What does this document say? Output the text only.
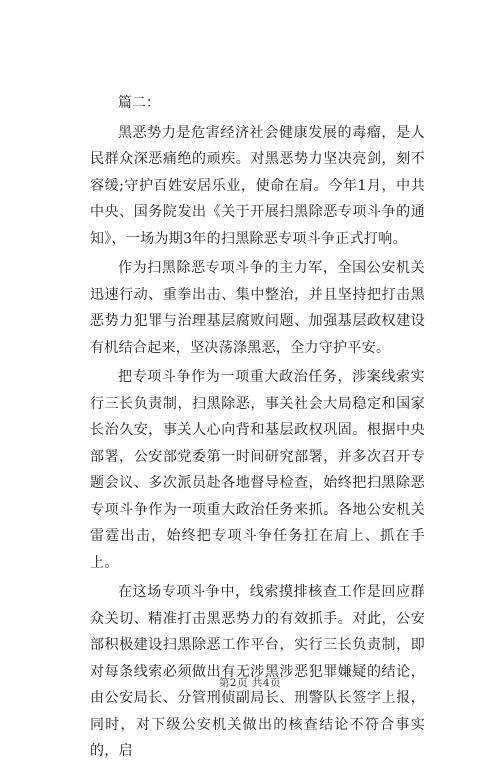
篇二：

黑恶势力是危害经济社会健康发展的毒瘤，是人民群众深恶痛绝的顽疾。对黑恶势力坚决亮剑，刻不容缓;守护百姓安居乐业，使命在肩。今年1月，中共中央、国务院发出《关于开展扫黑除恶专项斗争的通知》，一场为期3年的扫黑除恶专项斗争正式打响。

作为扫黑除恶专项斗争的主力军，全国公安机关迅速行动、重拳出击、集中整治，并且坚持把打击黑恶势力犯罪与治理基层腐败问题、加强基层政权建设有机结合起来，坚决荡涤黑恶，全力守护平安。

把专项斗争作为一项重大政治任务，涉案线索实行三长负责制，扫黑除恶，事关社会大局稳定和国家长治久安，事关人心向背和基层政权巩固。根据中央部署，公安部党委第一时间研究部署，并多次召开专题会议、多次派员赴各地督导检查，始终把扫黑除恶专项斗争作为一项重大政治任务来抓。各地公安机关雷霆出击，始终把专项斗争任务扛在肩上、抓在手上。

在这场专项斗争中，线索摸排核查工作是回应群众关切、精准打击黑恶势力的有效抓手。对此，公安部积极建设扫黑除恶工作平台，实行三长负责制，即对每条线索必须做出有无涉黑涉恶犯罪嫌疑的结论，由公安局长、分管刑侦副局长、刑警队长签字上报，同时，对下级公安机关做出的核查结论不符合事实的，启

第2页 共4页
